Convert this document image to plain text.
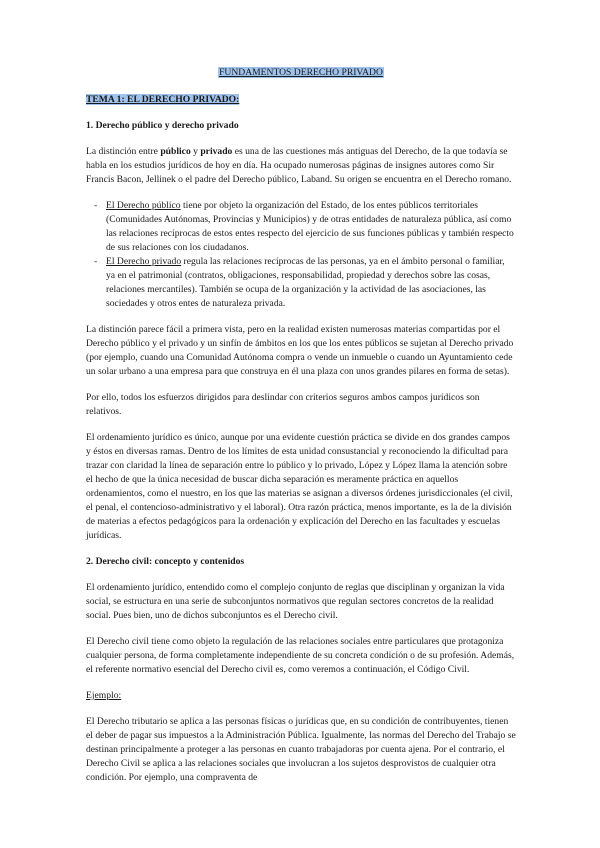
FUNDAMENTOS DERECHO PRIVADO
TEMA 1: EL DERECHO PRIVADO:
1. Derecho público y derecho privado

La distinción entre público y privado es una de las cuestiones más antiguas del Derecho, de la que todavía se habla en los estudios jurídicos de hoy en día. Ha ocupado numerosas páginas de insignes autores como Sir Francis Bacon, Jellinek o el padre del Derecho público, Laband. Su origen se encuentra en el Derecho romano.

- El Derecho público tiene por objeto la organización del Estado, de los entes públicos territoriales (Comunidades Autónomas, Provincias y Municipios) y de otras entidades de naturaleza pública, así como las relaciones recíprocas de estos entes respecto del ejercicio de sus funciones públicas y también respecto de sus relaciones con los ciudadanos.
- El Derecho privado regula las relaciones recíprocas de las personas, ya en el ámbito personal o familiar, ya en el patrimonial (contratos, obligaciones, responsabilidad, propiedad y derechos sobre las cosas, relaciones mercantiles). También se ocupa de la organización y la actividad de las asociaciones, las sociedades y otros entes de naturaleza privada.

La distinción parece fácil a primera vista, pero en la realidad existen numerosas materias compartidas por el Derecho público y el privado y un sinfín de ámbitos en los que los entes públicos se sujetan al Derecho privado (por ejemplo, cuando una Comunidad Autónoma compra o vende un inmueble o cuando un Ayuntamiento cede un solar urbano a una empresa para que construya en él una plaza con unos grandes pilares en forma de setas).

Por ello, todos los esfuerzos dirigidos para deslindar con criterios seguros ambos campos jurídicos son relativos.

El ordenamiento jurídico es único, aunque por una evidente cuestión práctica se divide en dos grandes campos y éstos en diversas ramas. Dentro de los límites de esta unidad consustancial y reconociendo la dificultad para trazar con claridad la línea de separación entre lo público y lo privado, López y López llama la atención sobre el hecho de que la única necesidad de buscar dicha separación es meramente práctica en aquellos ordenamientos, como el nuestro, en los que las materias se asignan a diversos órdenes jurisdiccionales (el civil, el penal, el contencioso-administrativo y el laboral). Otra razón práctica, menos importante, es la de la división de materias a efectos pedagógicos para la ordenación y explicación del Derecho en las facultades y escuelas jurídicas.

2. Derecho civil: concepto y contenidos

El ordenamiento jurídico, entendido como el complejo conjunto de reglas que disciplinan y organizan la vida social, se estructura en una serie de subconjuntos normativos que regulan sectores concretos de la realidad social. Pues bien, uno de dichos subconjuntos es el Derecho civil.

El Derecho civil tiene como objeto la regulación de las relaciones sociales entre particulares que protagoniza cualquier persona, de forma completamente independiente de su concreta condición o de su profesión. Además, el referente normativo esencial del Derecho civil es, como veremos a continuación, el Código Civil.

Ejemplo:

El Derecho tributario se aplica a las personas físicas o jurídicas que, en su condición de contribuyentes, tienen el deber de pagar sus impuestos a la Administración Pública. Igualmente, las normas del Derecho del Trabajo se destinan principalmente a proteger a las personas en cuanto trabajadoras por cuenta ajena. Por el contrario, el Derecho Civil se aplica a las relaciones sociales que involucran a los sujetos desprovistos de cualquier otra condición. Por ejemplo, una compraventa de
